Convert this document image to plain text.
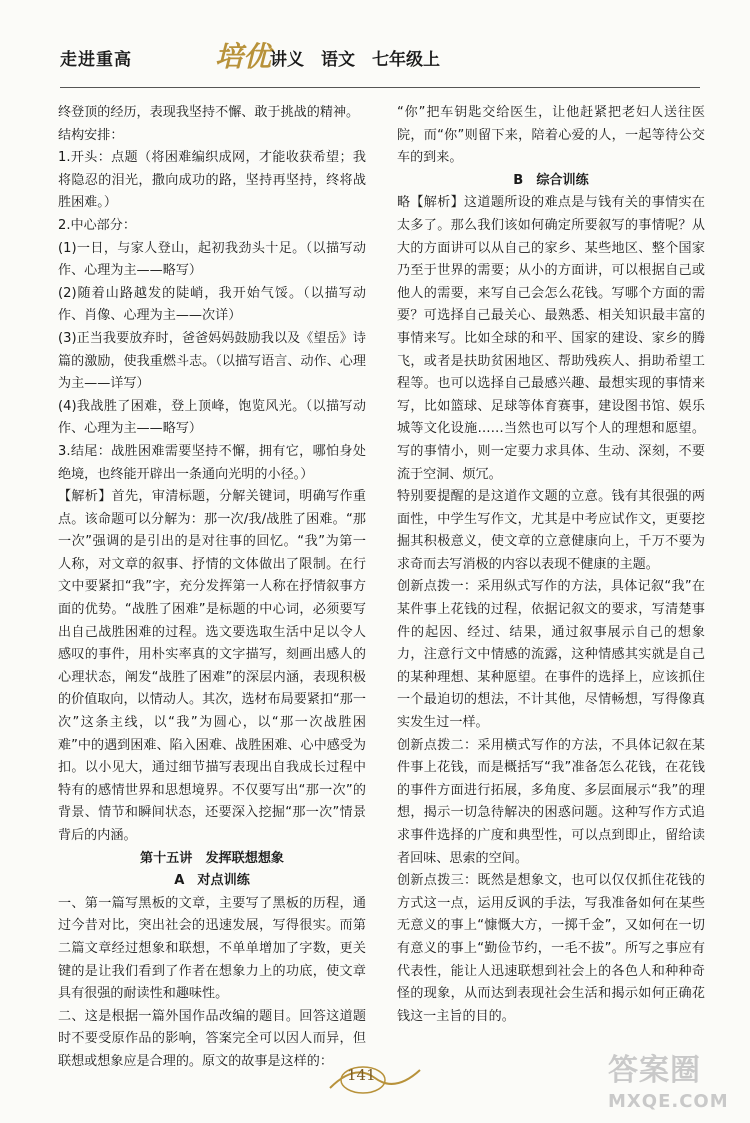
走进重高	培优
讲义　语文　七年级上

终登顶的经历，表现我坚持不懈、敢于挑战的精神。

结构安排：

1.开头：点题（将困难编织成网，才能收获希望；我将隐忍的泪光，撒向成功的路，坚持再坚持，终将战胜困难。）

2.中心部分：

(1)一日，与家人登山，起初我劲头十足。（以描写动作、心理为主——略写）

(2)随着山路越发的陡峭，我开始气馁。（以描写动作、肖像、心理为主——次详）

(3)正当我要放弃时，爸爸妈妈鼓励我以及《望岳》诗篇的激励，使我重燃斗志。（以描写语言、动作、心理为主——详写）

(4)我战胜了困难，登上顶峰，饱览风光。（以描写动作、心理为主——略写）

3.结尾：战胜困难需要坚持不懈，拥有它，哪怕身处绝境，也终能开辟出一条通向光明的小径。）

【解析】首先，审清标题，分解关键词，明确写作重点。该命题可以分解为：那一次/我/战胜了困难。“那一次”强调的是引出的是对往事的回忆。“我”为第一人称，对文章的叙事、抒情的文体做出了限制。在行文中要紧扣“我”字，充分发挥第一人称在抒情叙事方面的优势。“战胜了困难”是标题的中心词，必须要写出自己战胜困难的过程。选文要选取生活中足以令人感叹的事件，用朴实率真的文字描写，刻画出感人的心理状态，阐发“战胜了困难”的深层内涵，表现积极的价值取向，以情动人。其次，选材布局要紧扣“那一次”这条主线，以“我”为圆心，以“那一次战胜困难”中的遇到困难、陷入困难、战胜困难、心中感受为扣。以小见大，通过细节描写表现出自我成长过程中特有的感情世界和思想境界。不仅要写出“那一次”的背景、情节和瞬间状态，还要深入挖掘“那一次”情景背后的内涵。

第十五讲　发挥联想想象

A　对点训练

一、第一篇写黑板的文章，主要写了黑板的历程，通过今昔对比，突出社会的迅速发展，写得很实。而第二篇文章经过想象和联想，不单单增加了字数，更关键的是让我们看到了作者在想象力上的功底，使文章具有很强的耐读性和趣味性。

二、这是根据一篇外国作品改编的题目。回答这道题时不要受原作品的影响，答案完全可以因人而异，但联想或想象应是合理的。原文的故事是这样的：

“你”把车钥匙交给医生，让他赶紧把老妇人送往医院，而“你”则留下来，陪着心爱的人，一起等待公交车的到来。

B　综合训练

略【解析】这道题所设的难点是与钱有关的事情实在太多了。那么我们该如何确定所要叙写的事情呢？从大的方面讲可以从自己的家乡、某些地区、整个国家乃至于世界的需要；从小的方面讲，可以根据自己或他人的需要，来写自己会怎么花钱。写哪个方面的需要？可选择自己最关心、最熟悉、相关知识最丰富的事情来写。比如全球的和平、国家的建设、家乡的腾飞，或者是扶助贫困地区、帮助残疾人、捐助希望工程等。也可以选择自己最感兴趣、最想实现的事情来写，比如篮球、足球等体育赛事，建设图书馆、娱乐城等文化设施……当然也可以写个人的理想和愿望。写的事情小，则一定要力求具体、生动、深刻，不要流于空洞、烦冗。

特别要提醒的是这道作文题的立意。钱有其很强的两面性，中学生写作文，尤其是中考应试作文，更要挖掘其积极意义，使文章的立意健康向上，千万不要为求奇而去写消极的内容以表现不健康的主题。

创新点拨一：采用纵式写作的方法，具体记叙“我”在某件事上花钱的过程，依据记叙文的要求，写清楚事件的起因、经过、结果，通过叙事展示自己的想象力，注意行文中情感的流露，这种情感其实就是自己的某种理想、某种愿望。在事件的选择上，应该抓住一个最迫切的想法，不计其他，尽情畅想，写得像真实发生过一样。

创新点拨二：采用横式写作的方法，不具体记叙在某件事上花钱，而是概括写“我”准备怎么花钱，在花钱的事件方面进行拓展，多角度、多层面展示“我”的理想，揭示一切急待解决的困惑问题。这种写作方式追求事件选择的广度和典型性，可以点到即止，留给读者回味、思索的空间。

创新点拨三：既然是想象文，也可以仅仅抓住花钱的方式这一点，运用反讽的手法，写我准备如何在某些无意义的事上“慷慨大方，一掷千金”，又如何在一切有意义的事上“勤俭节约，一毛不拔”。所写之事应有代表性，能让人迅速联想到社会上的各色人和种种奇怪的现象，从而达到表现社会生活和揭示如何正确花钱这一主旨的目的。

141	答案圈
MXQE.COM
